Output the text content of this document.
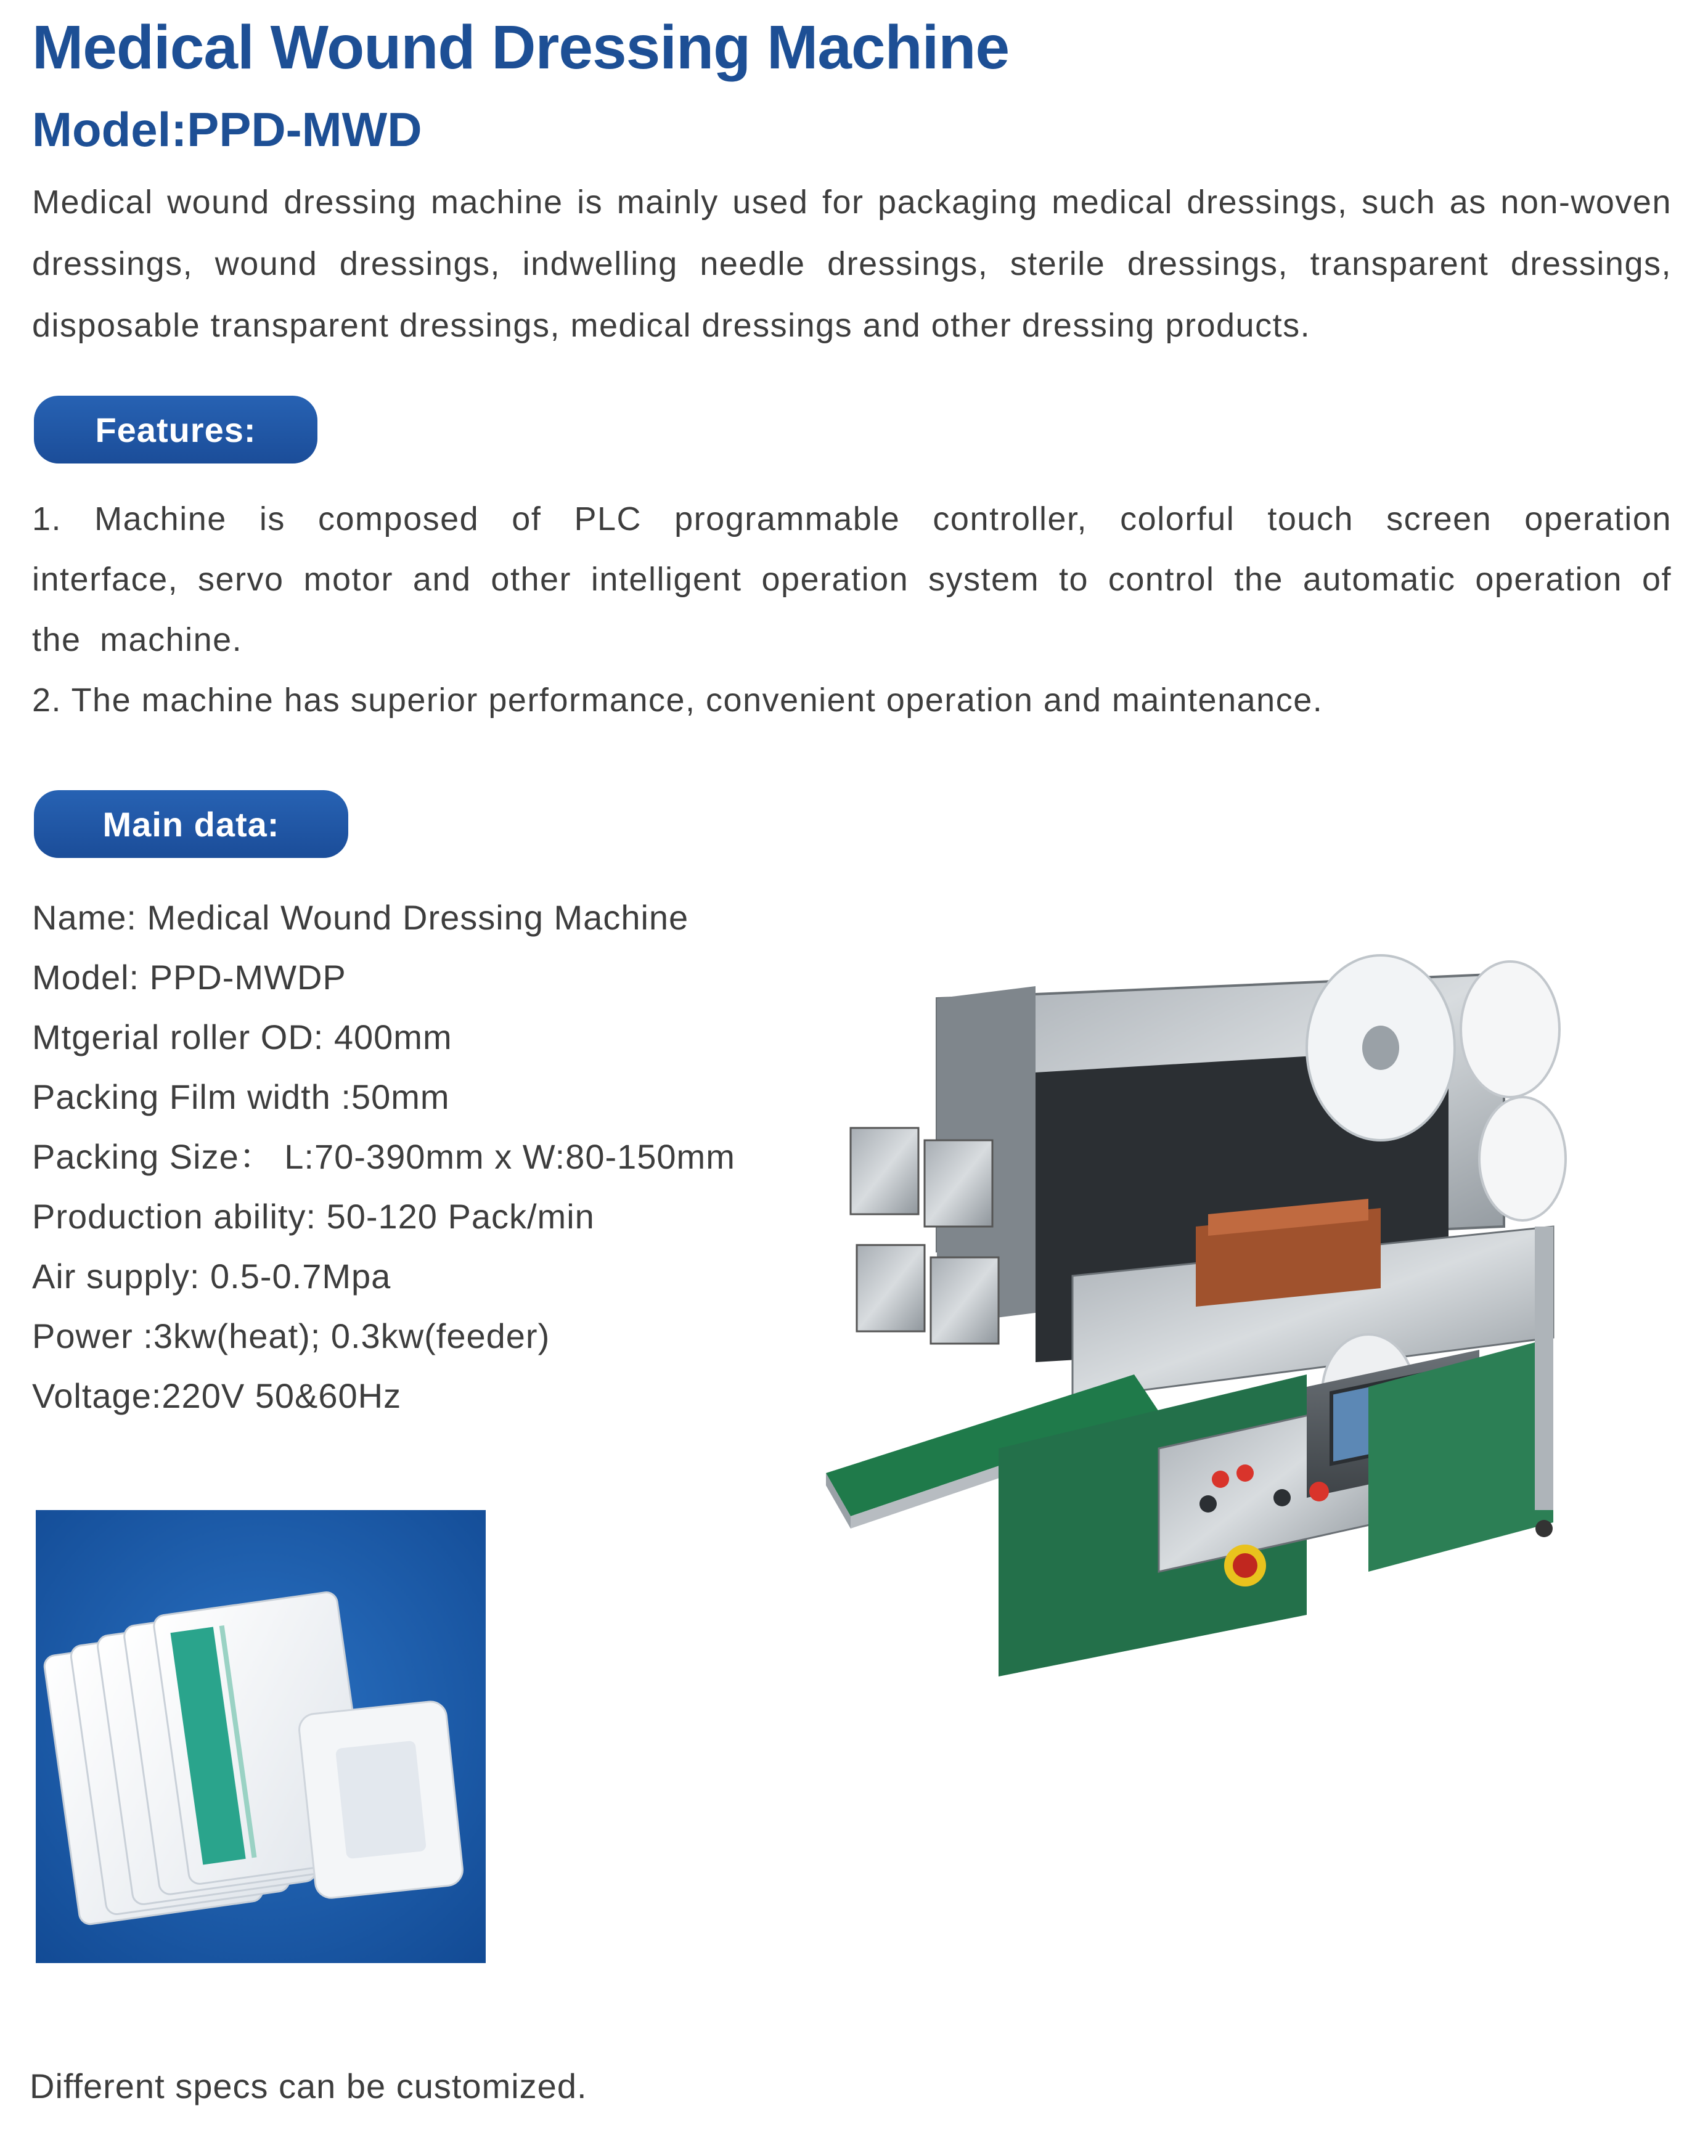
Medical Wound Dressing Machine
Model:PPD-MWD

Medical wound dressing machine is mainly used for packaging medical dressings, such as non-woven dressings, wound dressings, indwelling needle dressings, sterile dressings, transparent dressings, disposable transparent dressings, medical dressings and other dressing products.

Features:

1. Machine is composed of PLC programmable controller, colorful touch screen operation interface, servo motor and other intelligent operation system to control the automatic operation of the machine.

2. The machine has superior performance, convenient operation and maintenance.

Main data:
Name: Medical Wound Dressing Machine
Model: PPD-MWDP
Mtgerial roller OD: 400mm
Packing Film width :50mm
Packing Size： L:70-390mm x W:80-150mm
Production ability: 50-120 Pack/min
Air supply: 0.5-0.7Mpa
Power :3kw(heat); 0.3kw(feeder)
Voltage:220V 50&60Hz

Different specs can be customized.
